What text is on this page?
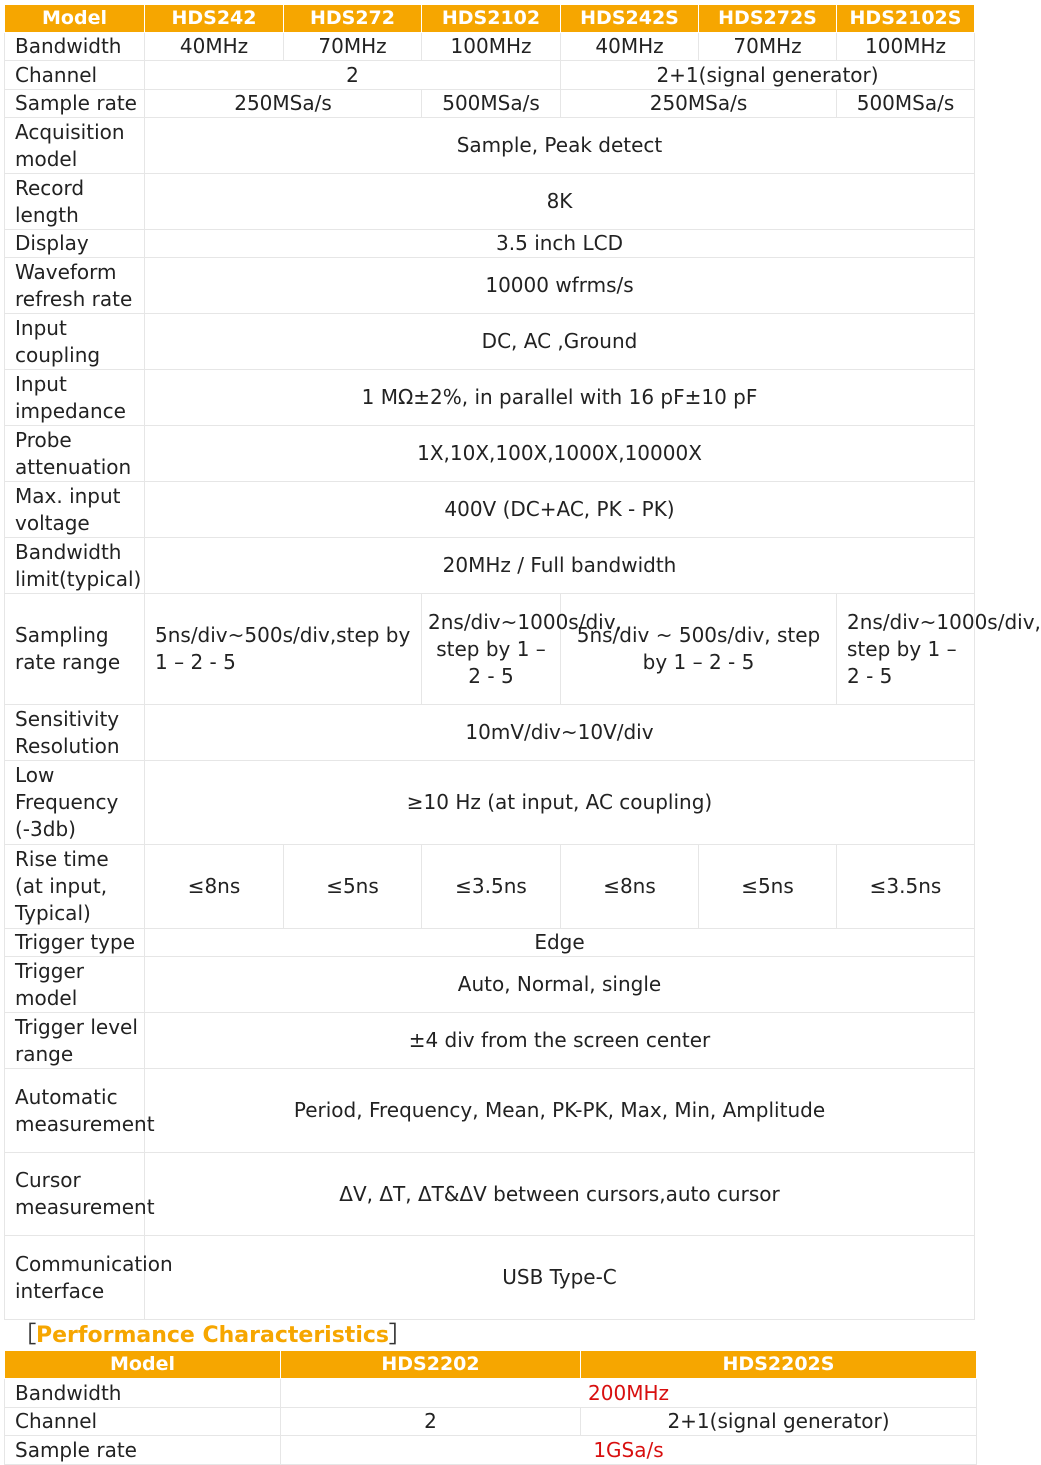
Model	HDS242	HDS272	HDS2102	HDS242S	HDS272S	HDS2102S
Bandwidth	40MHz	70MHz	100MHz	40MHz	70MHz	100MHz
Channel	2			2+1(signal generator)		
Sample rate	250MSa/s		500MSa/s	250MSa/s		500MSa/s
Acquisition model	Sample, Peak detect					
Record length	8K					
Display	3.5 inch LCD					
Waveform refresh rate	10000 wfrms/s					
Input coupling	DC, AC ,Ground					
Input impedance	1 MΩ±2%, in parallel with 16 pF±10 pF					
Probe attenuation	1X,10X,100X,1000X,10000X					
Max. input voltage	400V (DC+AC, PK - PK)					
Bandwidth limit(typical)	20MHz / Full bandwidth					
Sampling rate range	5ns/div~500s/div,step by 1 – 2 - 5		2ns/div~1000s/div, step by 1 – 2 - 5	5ns/div ~ 500s/div, step by 1 – 2 - 5		2ns/div~1000s/div, step by 1 – 2 - 5
Sensitivity Resolution	10mV/div~10V/div					
Low Frequency (-3db)	≥10 Hz (at input, AC coupling)					
Rise time (at input, Typical)	≤8ns	≤5ns	≤3.5ns	≤8ns	≤5ns	≤3.5ns
Trigger type	Edge					
Trigger model	Auto, Normal, single					
Trigger level range	±4 div from the screen center					
Automatic measurement	Period, Frequency, Mean, PK-PK, Max, Min, Amplitude					
Cursor measurement	ΔV, ΔT, ΔT&ΔV between cursors,auto cursor					
Communication interface	USB Type-C					
［Performance Characteristics］
Model	HDS2202	HDS2202S
Bandwidth	200MHz	
Channel	2	2+1(signal generator)
Sample rate	1GSa/s	
